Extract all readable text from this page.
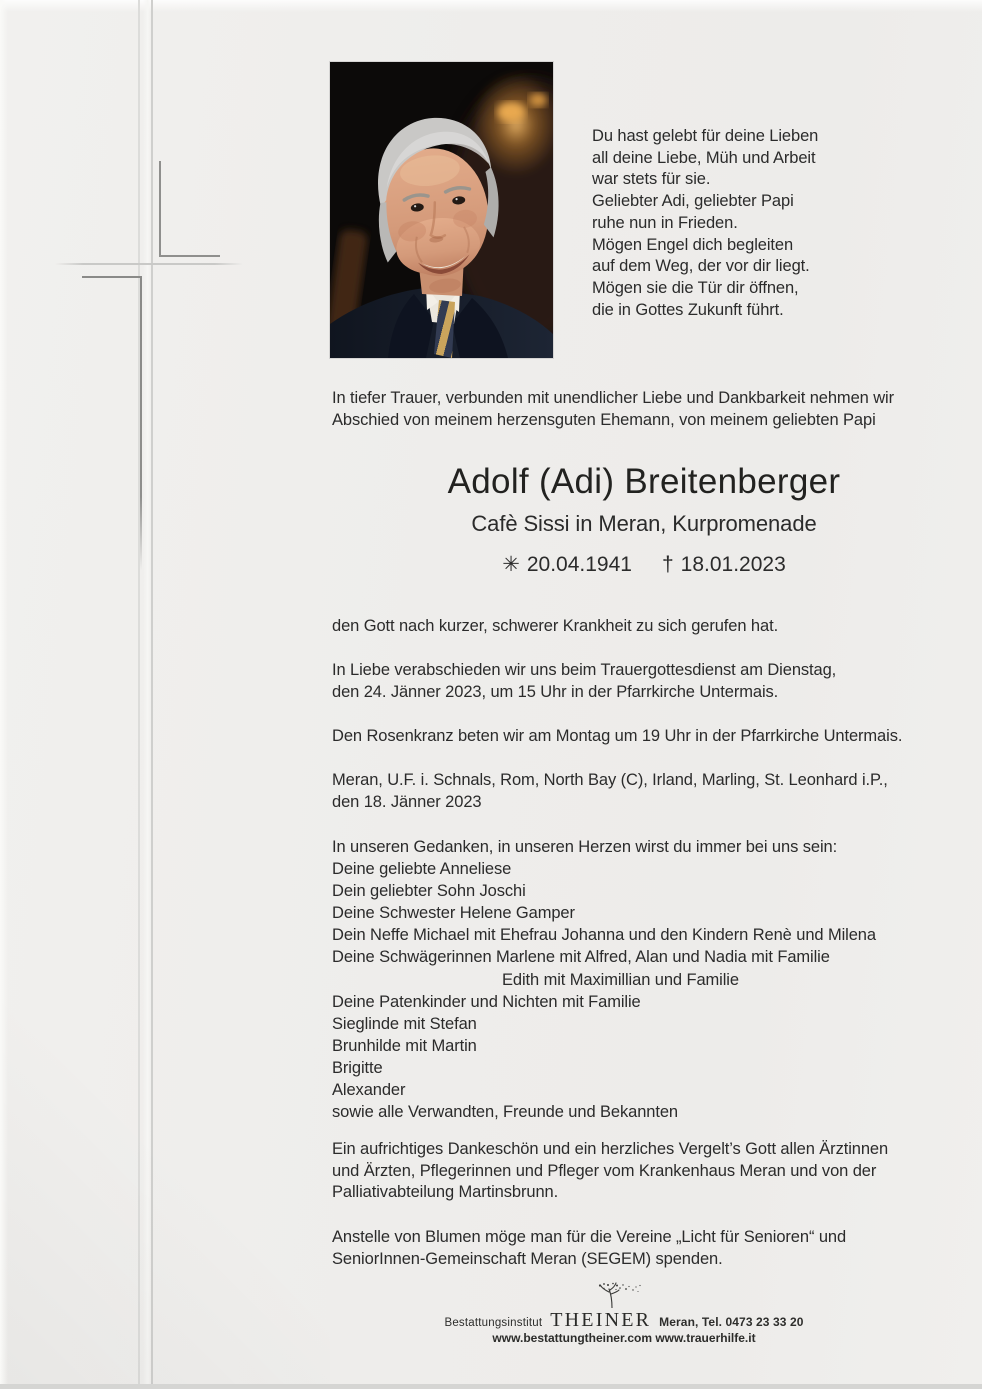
Du hast gelebt für deine Lieben
all deine Liebe, Müh und Arbeit
war stets für sie.
Geliebter Adi, geliebter Papi
ruhe nun in Frieden.
Mögen Engel dich begleiten
auf dem Weg, der vor dir liegt.
Mögen sie die Tür dir öffnen,
die in Gottes Zukunft führt.
In tiefer Trauer, verbunden mit unendlicher Liebe und Dankbarkeit nehmen wir
Abschied von meinem herzensguten Ehemann, von meinem geliebten Papi
Adolf (Adi) Breitenberger
Cafè Sissi in Meran, Kurpromenade
✳ 20.04.1941 † 18.01.2023
den Gott nach kurzer, schwerer Krankheit zu sich gerufen hat.
In Liebe verabschieden wir uns beim Trauergottesdienst am Dienstag,
den 24. Jänner 2023, um 15 Uhr in der Pfarrkirche Untermais.
Den Rosenkranz beten wir am Montag um 19 Uhr in der Pfarrkirche Untermais.
Meran, U.F. i. Schnals, Rom, North Bay (C), Irland, Marling, St. Leonhard i.P.,
den 18. Jänner 2023
In unseren Gedanken, in unseren Herzen wirst du immer bei uns sein:
Deine geliebte Anneliese
Dein geliebter Sohn Joschi
Deine Schwester Helene Gamper
Dein Neffe Michael mit Ehefrau Johanna und den Kindern Renè und Milena
Deine Schwägerinnen Marlene mit Alfred, Alan und Nadia mit Familie
Edith mit Maximillian und Familie
Deine Patenkinder und Nichten mit Familie
Sieglinde mit Stefan
Brunhilde mit Martin
Brigitte
Alexander
sowie alle Verwandten, Freunde und Bekannten
Ein aufrichtiges Dankeschön und ein herzliches Vergelt’s Gott allen Ärztinnen
und Ärzten, Pflegerinnen und Pfleger vom Krankenhaus Meran und von der
Palliativabteilung Martinsbrunn.
Anstelle von Blumen möge man für die Vereine „Licht für Senioren“ und
SeniorInnen-Gemeinschaft Meran (SEGEM) spenden.
Bestattungsinstitut THEINER Meran, Tel. 0473 23 33 20
www.bestattungtheiner.com www.trauerhilfe.it
